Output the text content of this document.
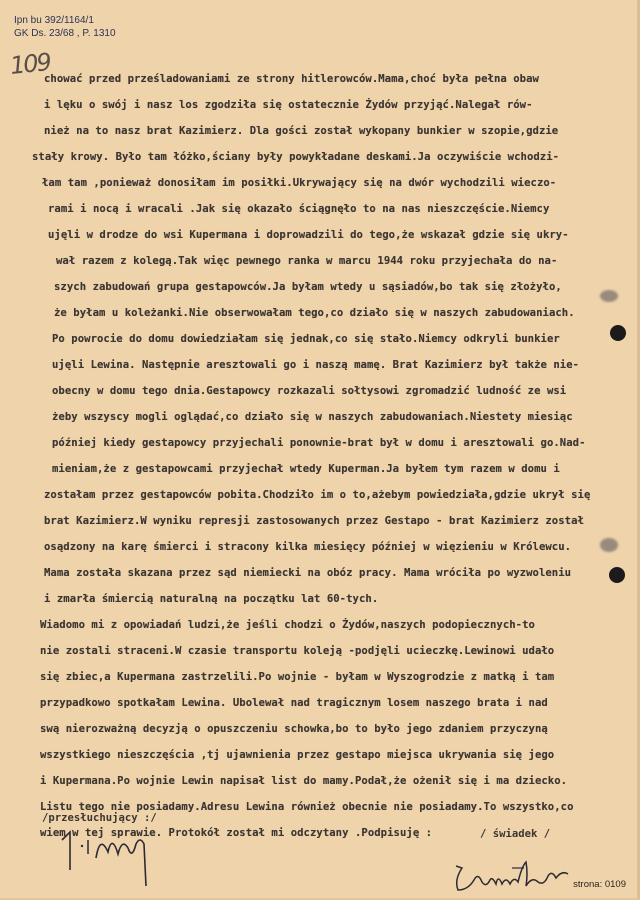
Ipn bu 392/1164/1
GK Ds. 23/68 , P. 1310
109
chować przed prześladowaniami ze strony hitlerowców.Mama,choć była pełna obaw
i lęku o swój i nasz los zgodziła się ostatecznie Żydów przyjąć.Nalegał rów-
nież na to nasz brat Kazimierz. Dla gości został wykopany bunkier w szopie,gdzie
stały krowy. Było tam łóżko,ściany były powykładane deskami.Ja oczywiście wchodzi-
łam tam ,ponieważ donosiłam im posiłki.Ukrywający się na dwór wychodzili wieczo-
rami i nocą i wracali .Jak się okazało ściągnęło to na nas nieszczęście.Niemcy
ujęli w drodze do wsi Kupermana i doprowadzili do tego,że wskazał gdzie się ukry-
wał razem z kolegą.Tak więc pewnego ranka w marcu 1944 roku przyjechała do na-
szych zabudowań grupa gestapowców.Ja byłam wtedy u sąsiadów,bo tak się złożyło,
że byłam u koleżanki.Nie obserwowałam tego,co działo się w naszych zabudowaniach.
Po powrocie do domu dowiedziałam się jednak,co się stało.Niemcy odkryli bunkier
ujęli Lewina. Następnie aresztowali go i naszą mamę. Brat Kazimierz był także nie-
obecny w domu tego dnia.Gestapowcy rozkazali sołtysowi zgromadzić ludność ze wsi
żeby wszyscy mogli oglądać,co działo się w naszych zabudowaniach.Niestety miesiąc
później kiedy gestapowcy przyjechali ponownie-brat był w domu i aresztowali go.Nad-
mieniam,że z gestapowcami przyjechał wtedy Kuperman.Ja byłem tym razem w domu i
zostałam przez gestapowców pobita.Chodziło im o to,ażebym powiedziała,gdzie ukrył się
brat Kazimierz.W wyniku represji zastosowanych przez Gestapo - brat Kazimierz został
osądzony na karę śmierci i stracony kilka miesięcy później w więzieniu w Królewcu.
Mama została skazana przez sąd niemiecki na obóz pracy. Mama wróciła po wyzwoleniu
i zmarła śmiercią naturalną na początku lat 60-tych.
Wiadomo mi z opowiadań ludzi,że jeśli chodzi o Żydów,naszych podopiecznych-to
nie zostali straceni.W czasie transportu koleją -podjęli ucieczkę.Lewinowi udało
się zbiec,a Kupermana zastrzelili.Po wojnie - byłam w Wyszogrodzie z matką i tam
przypadkowo spotkałam Lewina. Ubolewał nad tragicznym losem naszego brata i nad
swą nierozważną decyzją o opuszczeniu schowka,bo to było jego zdaniem przyczyną
wszystkiego nieszczęścia ,tj ujawnienia przez gestapo miejsca ukrywania się jego
i Kupermana.Po wojnie Lewin napisał list do mamy.Podał,że ożenił się i ma dziecko.
Listu tego nie posiadamy.Adresu Lewina również obecnie nie posiadamy.To wszystko,co
wiem w tej sprawie. Protokół został mi odczytany .Podpisuję :
/przesłuchujący :/
/ świadek /
strona: 0109
